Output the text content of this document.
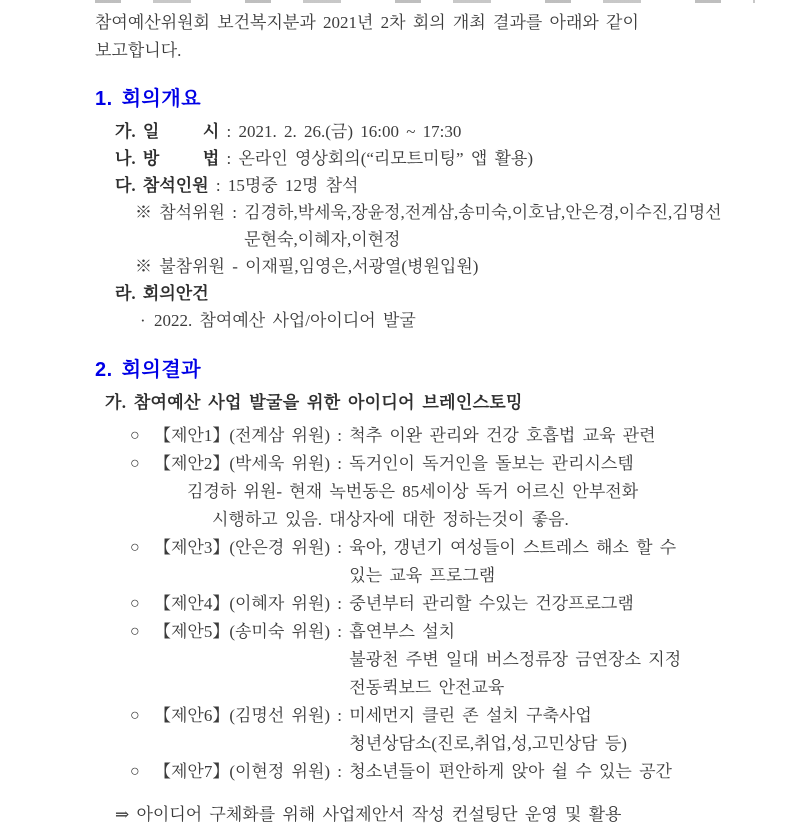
참여예산위원회 보건복지분과 2021년 2차 회의 개최 결과를 아래와 같이

보고합니다.

1. 회의개요
가. 일      시 : 2021. 2. 26.(금) 16:00 ~ 17:30
나. 방      법 : 온라인 영상회의(“리모트미팅” 앱 활용)
다. 참석인원 : 15명중 12명 참석
※ 참석위원 : 김경하,박세욱,장윤정,전계삼,송미숙,이호남,안은경,이수진,김명선
문현숙,이혜자,이현정
※ 불참위원 - 이재필,임영은,서광열(병원입원)
라. 회의안건
· 2022. 참여예산 사업/아이디어 발굴
2. 회의결과
가. 참여예산 사업 발굴을 위한 아이디어 브레인스토밍
○ 【제안1】(전계삼 위원) : 척추 이완 관리와 건강 호흡법 교육 관련
○ 【제안2】(박세욱 위원) : 독거인이 독거인을 돌보는 관리시스템
김경하 위원- 현재 녹번동은 85세이상 독거 어르신 안부전화
시행하고 있음. 대상자에 대한 정하는것이 좋음.
○ 【제안3】(안은경 위원) : 육아, 갱년기 여성들이 스트레스 해소 할 수
있는 교육 프로그램
○ 【제안4】(이혜자 위원) : 중년부터 관리할 수있는 건강프로그램
○ 【제안5】(송미숙 위원) : 흡연부스 설치
불광천 주변 일대 버스정류장 금연장소 지정
전동퀵보드 안전교육
○ 【제안6】(김명선 위원) : 미세먼지 클린 존 설치 구축사업
청년상담소(진로,취업,성,고민상담 등)
○ 【제안7】(이현정 위원) : 청소년들이 편안하게 앉아 쉴 수 있는 공간
⇒ 아이디어 구체화를 위해 사업제안서 작성 컨설팅단 운영 및 활용
